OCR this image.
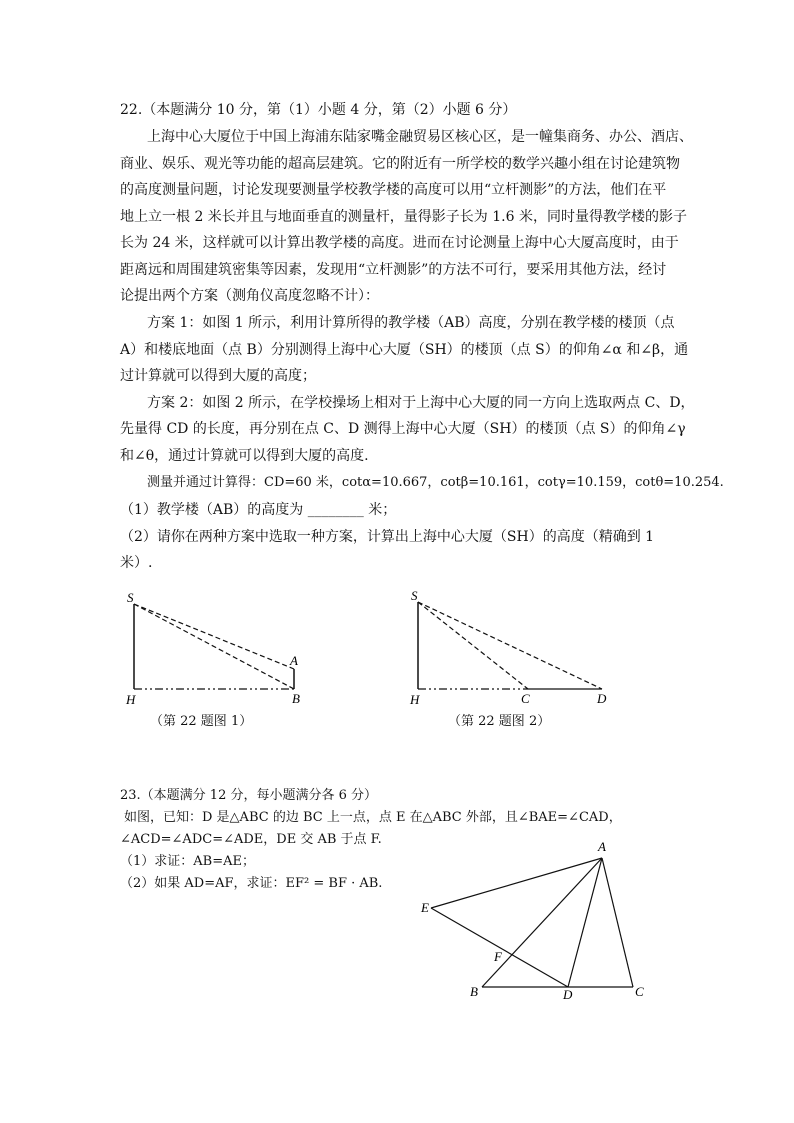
22.（本题满分 10 分，第（1）小题 4 分，第（2）小题 6 分）
上海中心大厦位于中国上海浦东陆家嘴金融贸易区核心区，是一幢集商务、办公、酒店、
商业、娱乐、观光等功能的超高层建筑。它的附近有一所学校的数学兴趣小组在讨论建筑物
的高度测量问题，讨论发现要测量学校教学楼的高度可以用“立杆测影”的方法，他们在平
地上立一根 2 米长并且与地面垂直的测量杆，量得影子长为 1.6 米，同时量得教学楼的影子
长为 24 米，这样就可以计算出教学楼的高度。进而在讨论测量上海中心大厦高度时，由于
距离远和周围建筑密集等因素，发现用“立杆测影”的方法不可行，要采用其他方法，经讨
论提出两个方案（测角仪高度忽略不计）：
方案 1：如图 1 所示，利用计算所得的教学楼（AB）高度，分别在教学楼的楼顶（点
A）和楼底地面（点 B）分别测得上海中心大厦（SH）的楼顶（点 S）的仰角∠α 和∠β，通
过计算就可以得到大厦的高度；
方案 2：如图 2 所示，在学校操场上相对于上海中心大厦的同一方向上选取两点 C、D，
先量得 CD 的长度，再分别在点 C、D 测得上海中心大厦（SH）的楼顶（点 S）的仰角∠γ
和∠θ，通过计算就可以得到大厦的高度.
测量并通过计算得：CD=60 米，cotα=10.667，cotβ=10.161，cotγ=10.159，cotθ=10.254.
（1）教学楼（AB）的高度为 ________ 米；
（2）请你在两种方案中选取一种方案，计算出上海中心大厦（SH）的高度（精确到 1
米）.
S
A
H	B
S
H	C	D
A
E
F
B	D	C
（第 22 题图 1）	（第 22 题图 2）
23.（本题满分 12 分，每小题满分各 6 分）
如图，已知：D 是△ABC 的边 BC 上一点，点 E 在△ABC 外部，且∠BAE=∠CAD，
∠ACD=∠ADC=∠ADE，DE 交 AB 于点 F.
（1）求证：AB=AE；
（2）如果 AD=AF，求证：EF² = BF · AB.
